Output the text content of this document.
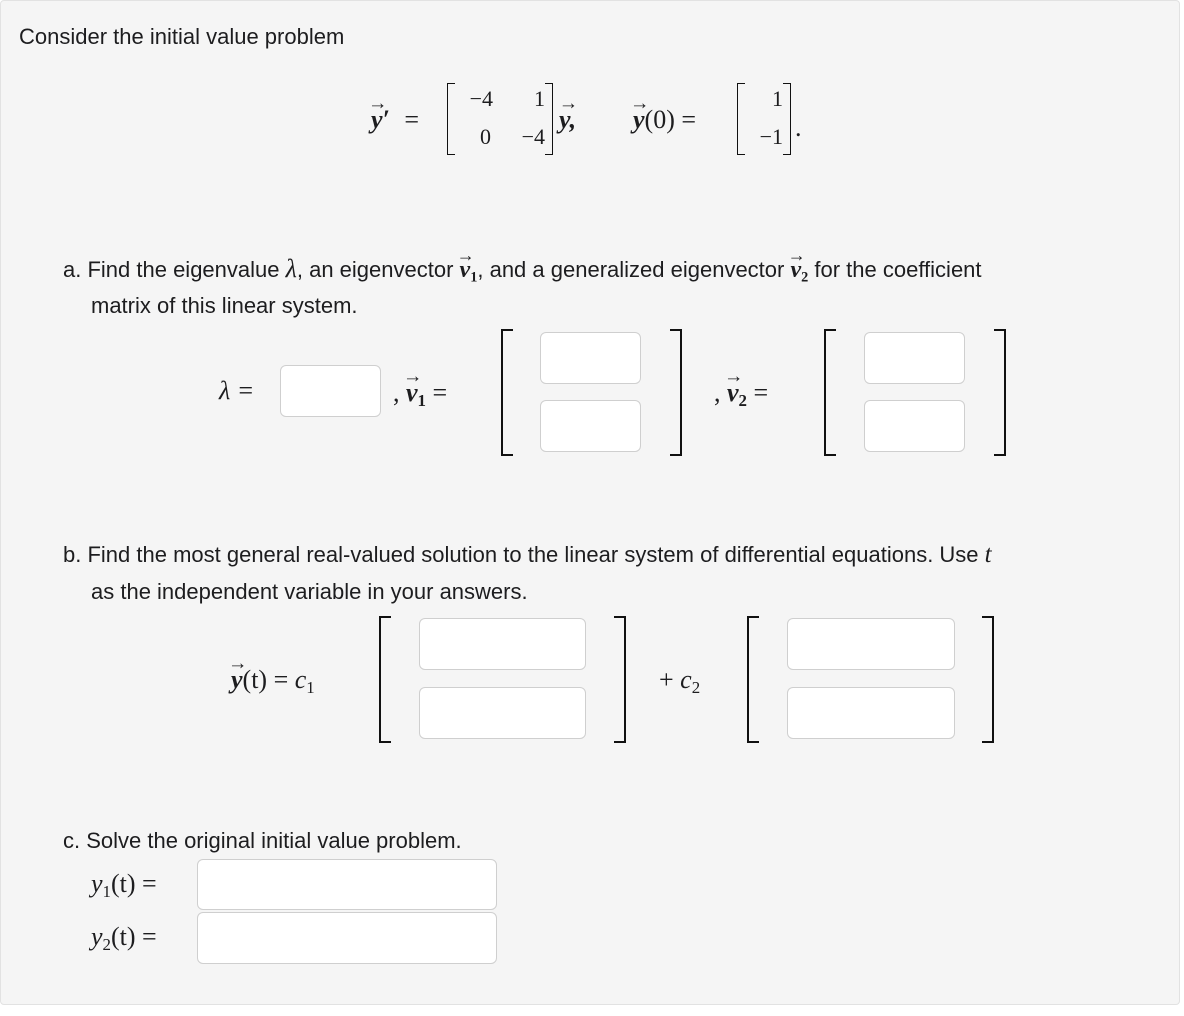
Consider the initial value problem
→ y′ =
−4	1
0	−4
→ y, → y(0) =
1
−1 .
a. Find the eigenvalue λ, an eigenvector → $v_1$, and a generalized eigenvector → $v_2$ for the coefficient
matrix of this linear system.
λ =	, → $v_1$ =	, → $v_2$ =
b. Find the most general real-valued solution to the linear system of differential equations. Use t
as the independent variable in your answers.
→ $y(t) = c_1$	+ $c_2$
c. Solve the original initial value problem.
$y_1(t)$ =
$y_2(t)$ =
